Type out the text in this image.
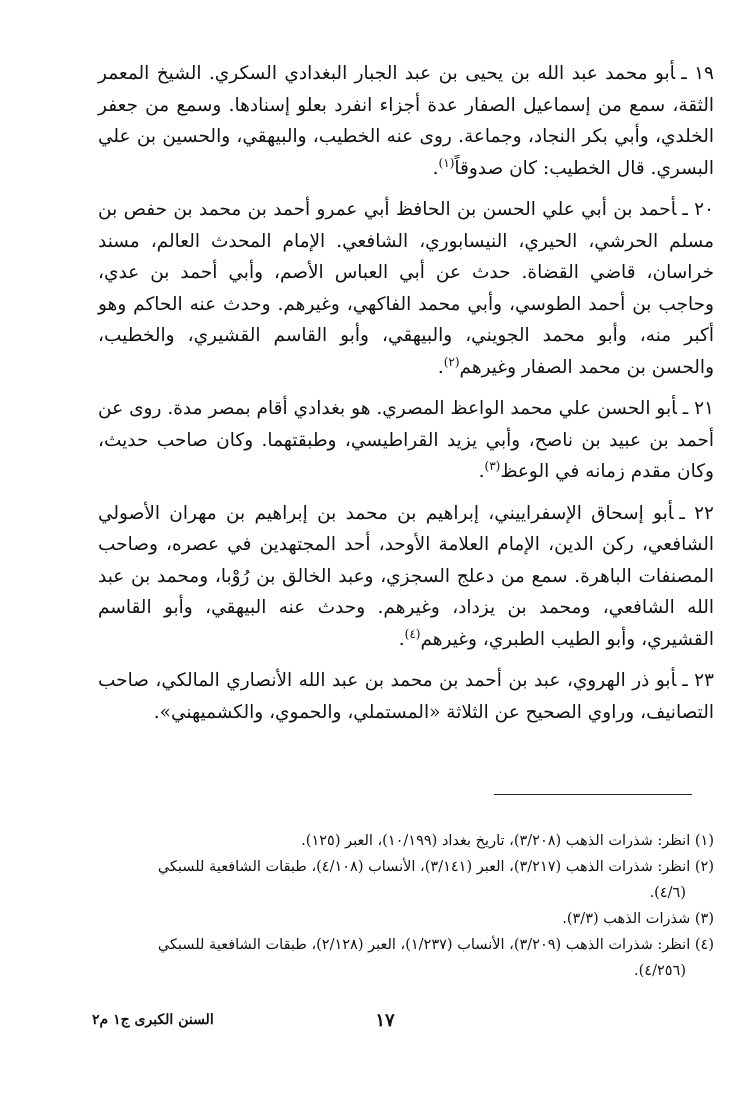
١٩ ـأبو محمد عبد الله بن يحيى بن عبد الجبار البغدادي السكري. الشيخ المعمر الثقة، سمع من إسماعيل الصفار عدة أجزاء انفرد بعلو إسنادها. وسمع من جعفر الخلدي، وأبي بكر النجاد، وجماعة. روى عنه الخطيب، والبيهقي، والحسين بن علي البسري. قال الخطيب: كان صدوقاً$^{(١)}$.

٢٠ ـأحمد بن أبي علي الحسن بن الحافظ أبي عمرو أحمد بن محمد بن حفص بن مسلم الحرشي، الحيري، النيسابوري، الشافعي. الإمام المحدث العالم، مسند خراسان، قاضي القضاة. حدث عن أبي العباس الأصم، وأبي أحمد بن عدي، وحاجب بن أحمد الطوسي، وأبي محمد الفاكهي، وغيرهم. وحدث عنه الحاكم وهو أكبر منه، وأبو محمد الجويني، والبيهقي، وأبو القاسم القشيري، والخطيب، والحسن بن محمد الصفار وغيرهم$^{(٢)}$.

٢١ ـأبو الحسن علي محمد الواعظ المصري. هو بغدادي أقام بمصر مدة. روى عن أحمد بن عبيد بن ناصح، وأبي يزيد القراطيسي، وطبقتهما. وكان صاحب حديث، وكان مقدم زمانه في الوعظ$^{(٣)}$.

٢٢ ـأبو إسحاق الإسفراييني، إبراهيم بن محمد بن إبراهيم بن مهران الأصولي الشافعي، ركن الدين، الإمام العلامة الأوحد، أحد المجتهدين في عصره، وصاحب المصنفات الباهرة. سمع من دعلج السجزي، وعبد الخالق بن رُوْبا، ومحمد بن عبد الله الشافعي، ومحمد بن يزداد، وغيرهم. وحدث عنه البيهقي، وأبو القاسم القشيري، وأبو الطيب الطبري، وغيرهم$^{(٤)}$.

٢٣ ـأبو ذر الهروي، عبد بن أحمد بن محمد بن عبد الله الأنصاري المالكي، صاحب التصانيف، وراوي الصحيح عن الثلاثة «المستملي، والحموي، والكشميهني».

(١) انظر: شذرات الذهب (٣/٢٠٨)، تاريخ بغداد (١٠/١٩٩)، العبر (١٢٥).

(٢) انظر: شذرات الذهب (٣/٢١٧)، العبر (٣/١٤١)، الأنساب (٤/١٠٨)، طبقات الشافعية للسبكي

(٤/٦).

(٣) شذرات الذهب (٣/٣).

(٤) انظر: شذرات الذهب (٣/٢٠٩)، الأنساب (١/٢٣٧)، العبر (٢/١٢٨)، طبقات الشافعية للسبكي

(٤/٢٥٦).

١٧
السنن الكبرى ج١ م٢
